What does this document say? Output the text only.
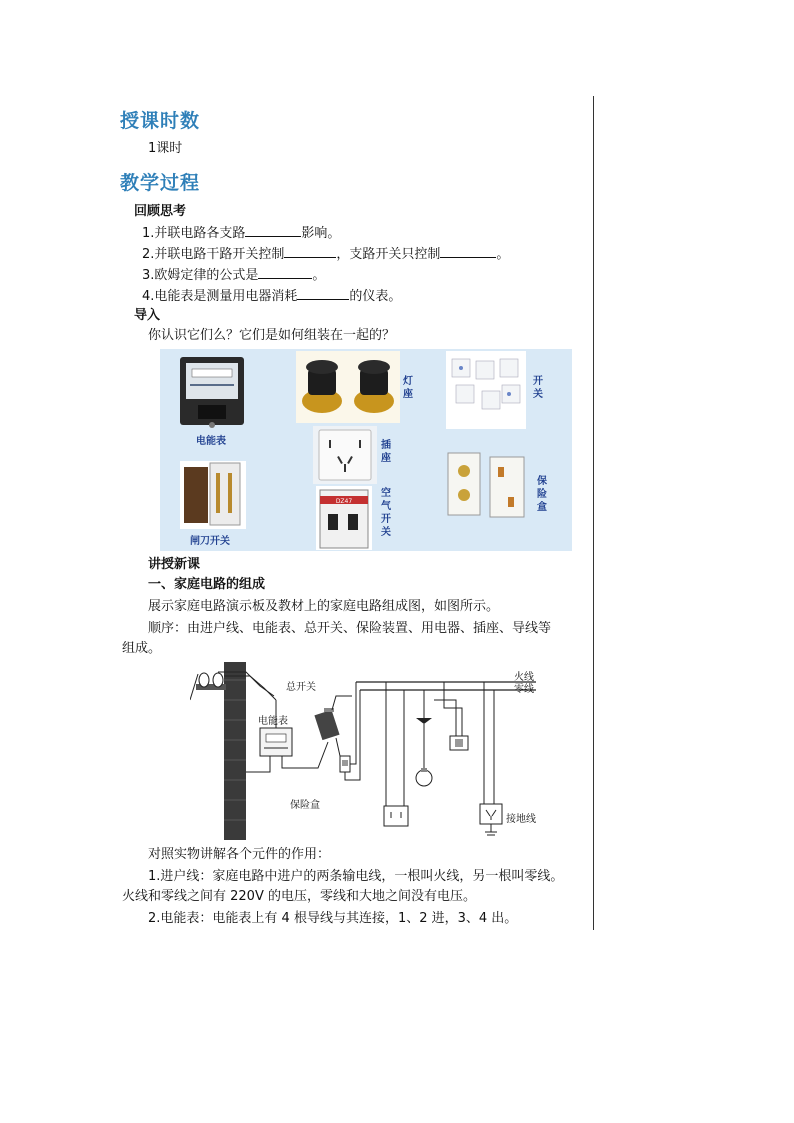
授课时数
1课时
教学过程
回顾思考
1.并联电路各支路	影响。
2.并联电路干路开关控制	，支路开关只控制	。
3.欧姆定律的公式是	。
4.电能表是测量用电器消耗	的仪表。
导入
你认识它们么？它们是如何组装在一起的？
电能表
灯座
开关
插座
DZ47
空气开关
保险盒
闸刀开关
讲授新课
一、家庭电路的组成
展示家庭电路演示板及教材上的家庭电路组成图，如图所示。
顺序：由进户线、电能表、总开关、保险装置、用电器、插座、导线等
组成。
总开关
电能表
保险盒
火线
零线
接地线
对照实物讲解各个元件的作用：
1.进户线：家庭电路中进户的两条输电线，一根叫火线，另一根叫零线。
火线和零线之间有 220V 的电压，零线和大地之间没有电压。
2.电能表：电能表上有 4 根导线与其连接，1、2 进，3、4 出。
